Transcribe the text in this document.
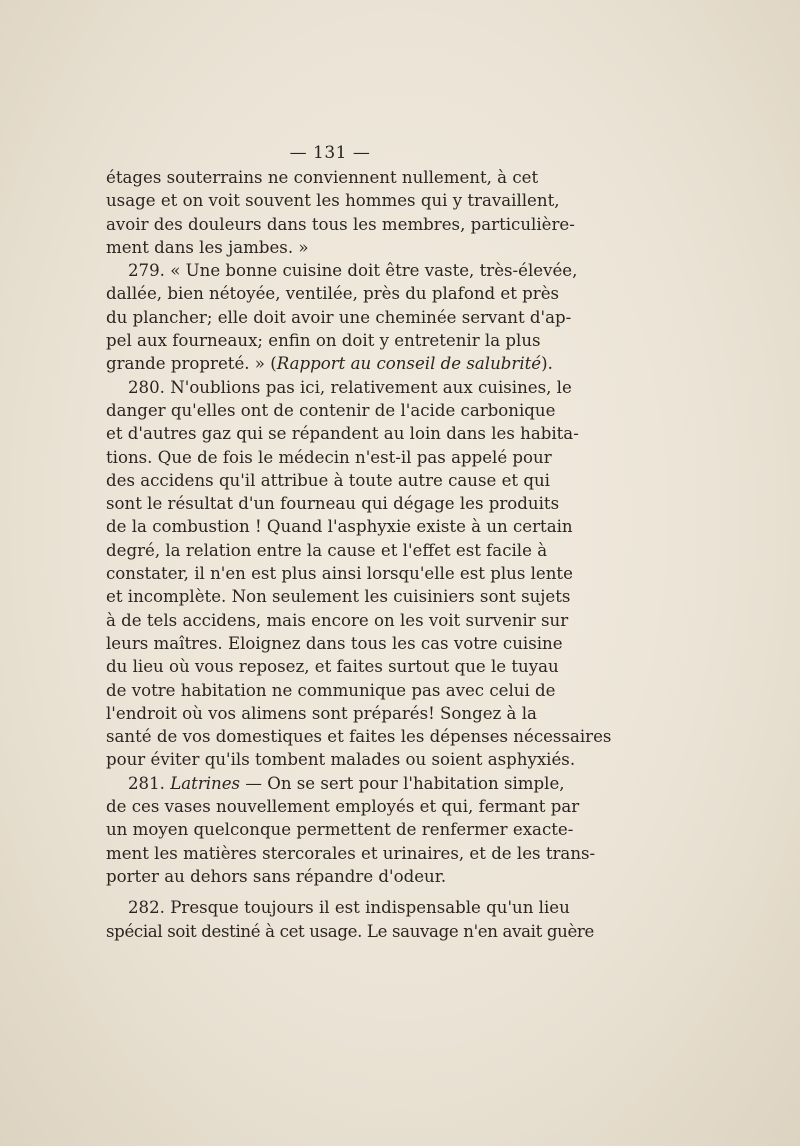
— 131 —
étages souterrains ne conviennent nullement, à cet
usage et on voit souvent les hommes qui y travaillent,
avoir des douleurs dans tous les membres, particulière-
ment dans les jambes. »
279. « Une bonne cuisine doit être vaste, très-élevée,
dallée, bien nétoyée, ventilée, près du plafond et près
du plancher; elle doit avoir une cheminée servant d'ap-
pel aux fourneaux; enfin on doit y entretenir la plus
grande propreté. » (Rapport au conseil de salubrité).
280. N'oublions pas ici, relativement aux cuisines, le
danger qu'elles ont de contenir de l'acide carbonique
et d'autres gaz qui se répandent au loin dans les habita-
tions. Que de fois le médecin n'est-il pas appelé pour
des accidens qu'il attribue à toute autre cause et qui
sont le résultat d'un fourneau qui dégage les produits
de la combustion ! Quand l'asphyxie existe à un certain
degré, la relation entre la cause et l'effet est facile à
constater, il n'en est plus ainsi lorsqu'elle est plus lente
et incomplète. Non seulement les cuisiniers sont sujets
à de tels accidens, mais encore on les voit survenir sur
leurs maîtres. Eloignez dans tous les cas votre cuisine
du lieu où vous reposez, et faites surtout que le tuyau
de votre habitation ne communique pas avec celui de
l'endroit où vos alimens sont préparés! Songez à la
santé de vos domestiques et faites les dépenses nécessaires
pour éviter qu'ils tombent malades ou soient asphyxiés.
281. Latrines — On se sert pour l'habitation simple,
de ces vases nouvellement employés et qui, fermant par
un moyen quelconque permettent de renfermer exacte-
ment les matières stercorales et urinaires, et de les trans-
porter au dehors sans répandre d'odeur.
282. Presque toujours il est indispensable qu'un lieu
spécial soit destiné à cet usage. Le sauvage n'en avait guère
